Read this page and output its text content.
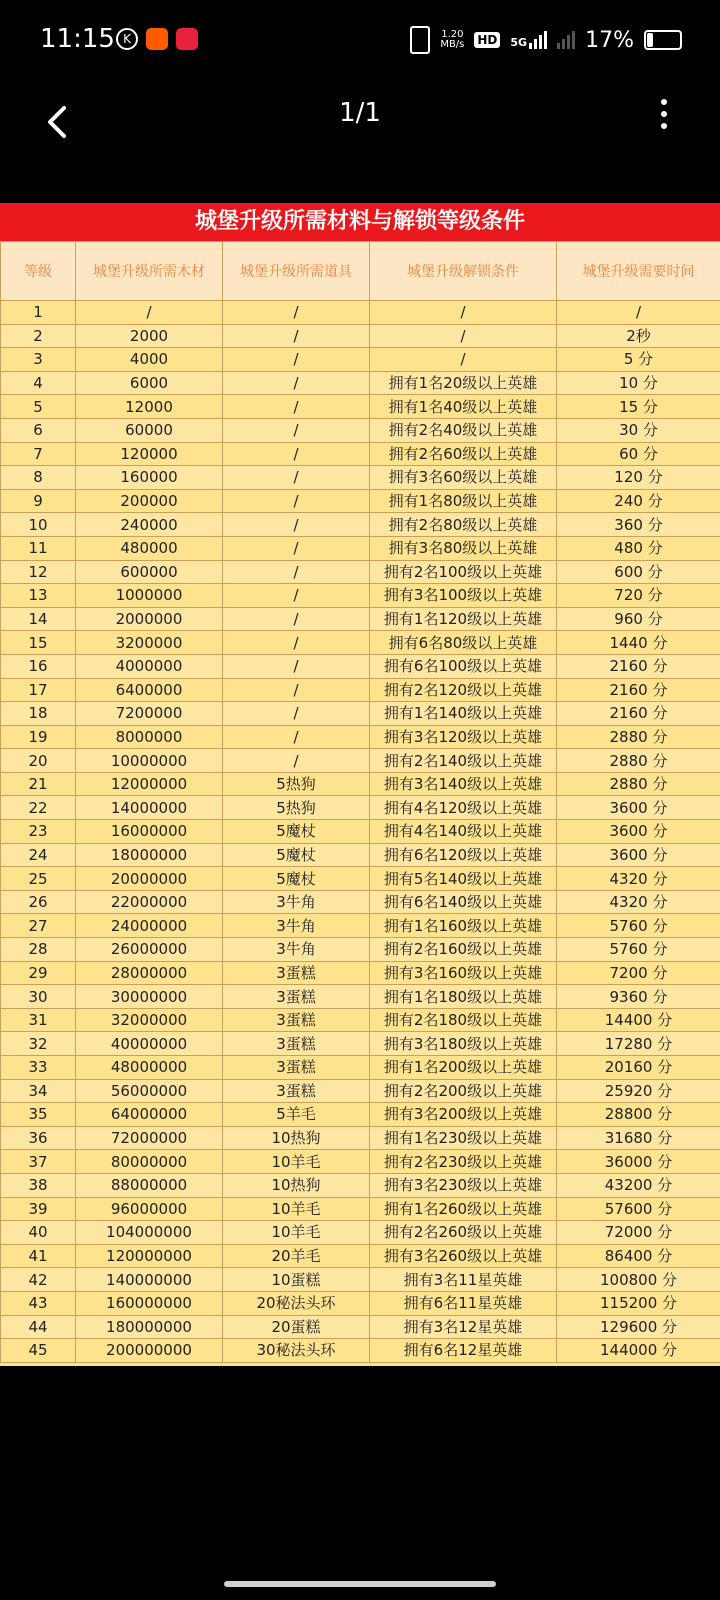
11:15 K	1.20
MB/s HD 5G	17%
1/1
城堡升级所需材料与解锁等级条件
等级	城堡升级所需木材	城堡升级所需道具	城堡升级解锁条件	城堡升级需要时间
1	/	/	/	/
2	2000	/	/	2秒
3	4000	/	/	5 分
4	6000	/	拥有1名20级以上英雄	10 分
5	12000	/	拥有1名40级以上英雄	15 分
6	60000	/	拥有2名40级以上英雄	30 分
7	120000	/	拥有2名60级以上英雄	60 分
8	160000	/	拥有3名60级以上英雄	120 分
9	200000	/	拥有1名80级以上英雄	240 分
10	240000	/	拥有2名80级以上英雄	360 分
11	480000	/	拥有3名80级以上英雄	480 分
12	600000	/	拥有2名100级以上英雄	600 分
13	1000000	/	拥有3名100级以上英雄	720 分
14	2000000	/	拥有1名120级以上英雄	960 分
15	3200000	/	拥有6名80级以上英雄	1440 分
16	4000000	/	拥有6名100级以上英雄	2160 分
17	6400000	/	拥有2名120级以上英雄	2160 分
18	7200000	/	拥有1名140级以上英雄	2160 分
19	8000000	/	拥有3名120级以上英雄	2880 分
20	10000000	/	拥有2名140级以上英雄	2880 分
21	12000000	5热狗	拥有3名140级以上英雄	2880 分
22	14000000	5热狗	拥有4名120级以上英雄	3600 分
23	16000000	5魔杖	拥有4名140级以上英雄	3600 分
24	18000000	5魔杖	拥有6名120级以上英雄	3600 分
25	20000000	5魔杖	拥有5名140级以上英雄	4320 分
26	22000000	3牛角	拥有6名140级以上英雄	4320 分
27	24000000	3牛角	拥有1名160级以上英雄	5760 分
28	26000000	3牛角	拥有2名160级以上英雄	5760 分
29	28000000	3蛋糕	拥有3名160级以上英雄	7200 分
30	30000000	3蛋糕	拥有1名180级以上英雄	9360 分
31	32000000	3蛋糕	拥有2名180级以上英雄	14400 分
32	40000000	3蛋糕	拥有3名180级以上英雄	17280 分
33	48000000	3蛋糕	拥有1名200级以上英雄	20160 分
34	56000000	3蛋糕	拥有2名200级以上英雄	25920 分
35	64000000	5羊毛	拥有3名200级以上英雄	28800 分
36	72000000	10热狗	拥有1名230级以上英雄	31680 分
37	80000000	10羊毛	拥有2名230级以上英雄	36000 分
38	88000000	10热狗	拥有3名230级以上英雄	43200 分
39	96000000	10羊毛	拥有1名260级以上英雄	57600 分
40	104000000	10羊毛	拥有2名260级以上英雄	72000 分
41	120000000	20羊毛	拥有3名260级以上英雄	86400 分
42	140000000	10蛋糕	拥有3名11星英雄	100800 分
43	160000000	20秘法头环	拥有6名11星英雄	115200 分
44	180000000	20蛋糕	拥有3名12星英雄	129600 分
45	200000000	30秘法头环	拥有6名12星英雄	144000 分
